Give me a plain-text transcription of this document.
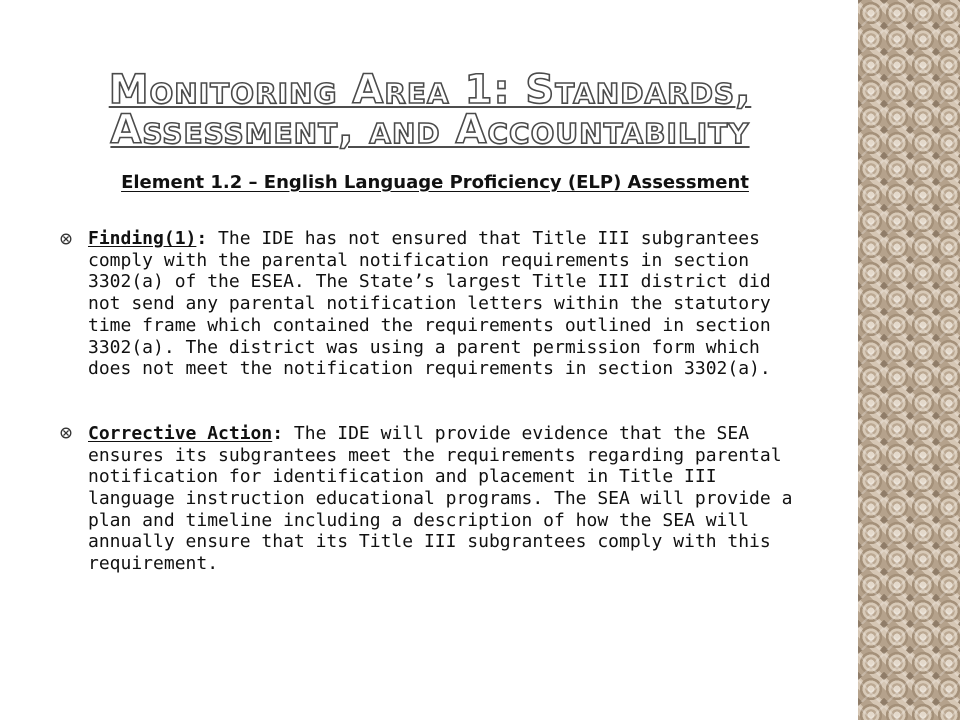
Monitoring Area 1: Standards,
Assessment, and Accountability
Element 1.2 – English Language Proficiency (ELP) Assessment
Finding(1): The IDE has not ensured that Title III subgrantees comply with the parental notification requirements in section 3302(a) of the ESEA. The State’s largest Title III district did not send any parental notification letters within the statutory time frame which contained the requirements outlined in section 3302(a). The district was using a parent permission form which does not meet the notification requirements in section 3302(a).
Corrective Action: The IDE will provide evidence that the SEA ensures its subgrantees meet the requirements regarding parental notification for identification and placement in Title III language instruction educational programs. The SEA will provide a plan and timeline including a description of how the SEA will annually ensure that its Title III subgrantees comply with this requirement.
